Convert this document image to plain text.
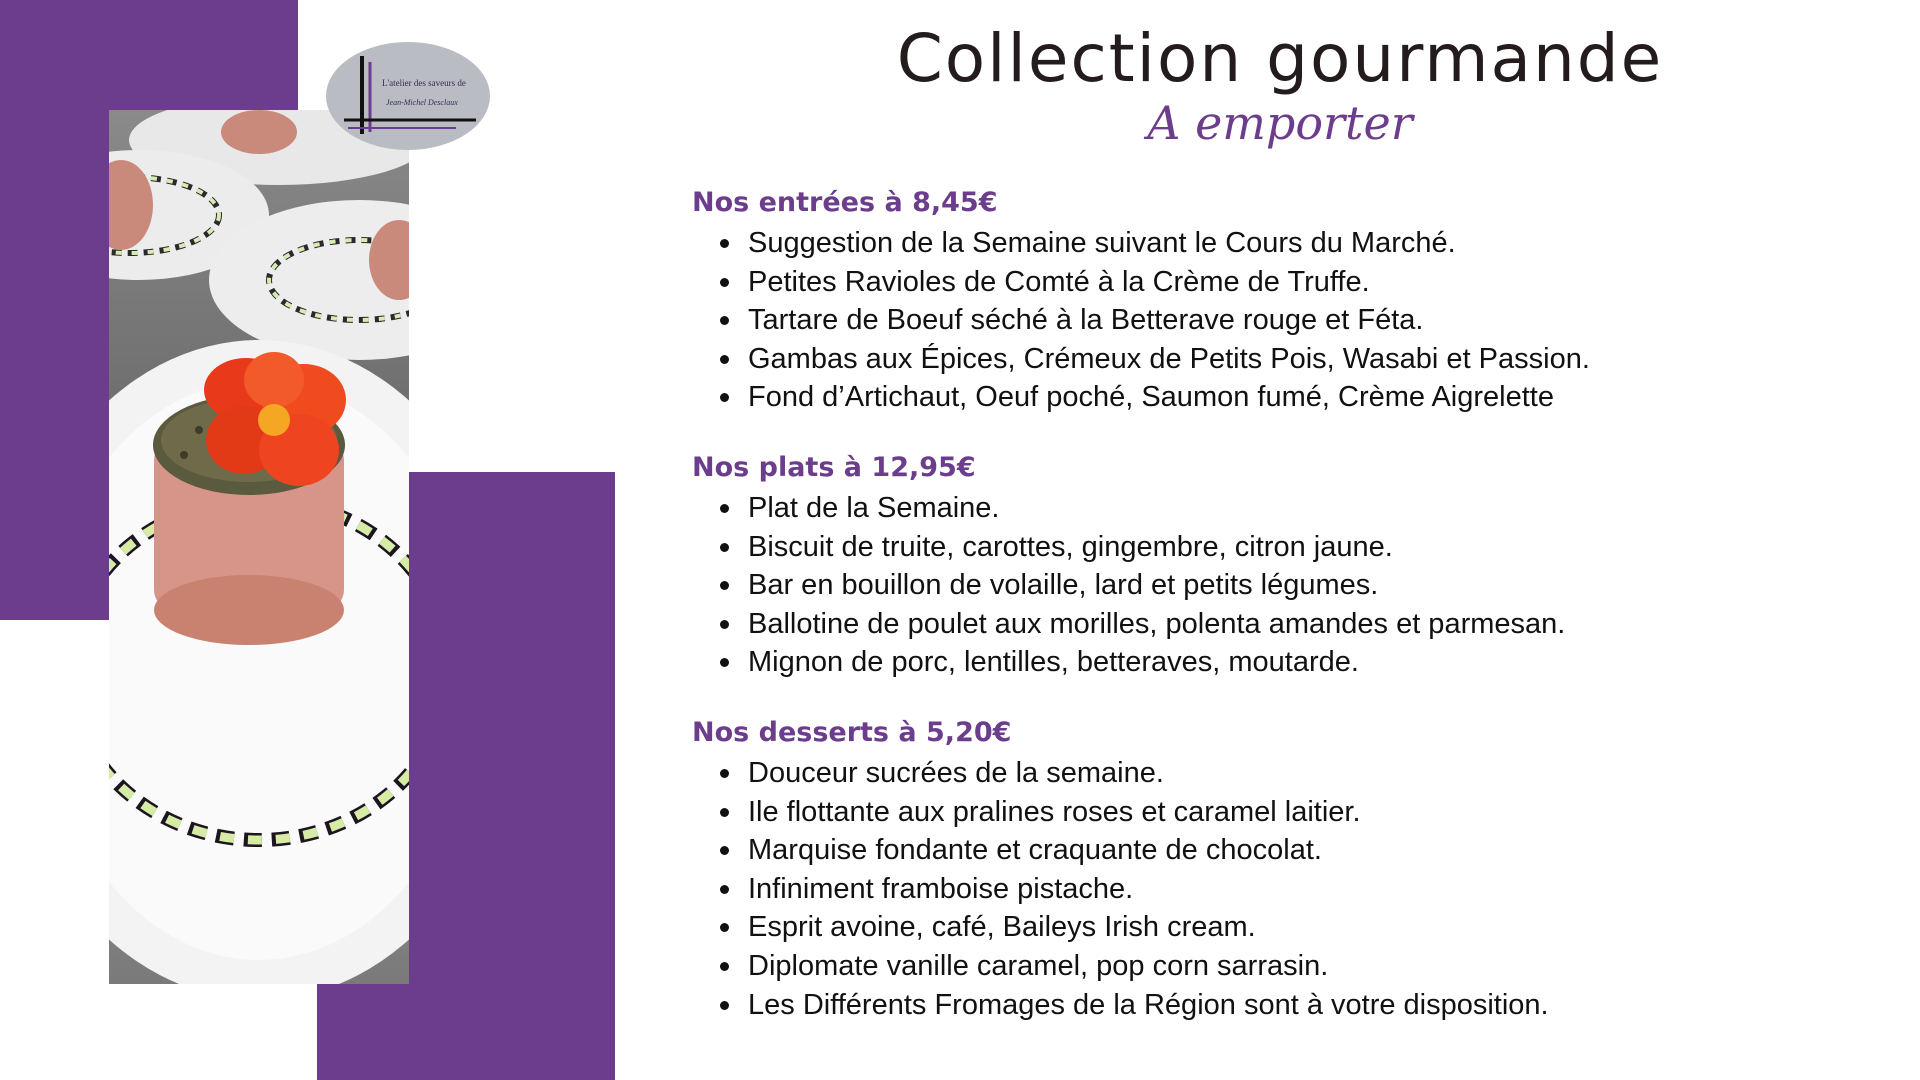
L'atelier des saveurs de
Jean-Michel Desclaux
Collection gourmande
A emporter
Nos entrées à 8,45€
Suggestion de la Semaine suivant le Cours du Marché.
Petites Ravioles de Comté à la Crème de Truffe.
Tartare de Boeuf séché à la Betterave rouge et Féta.
Gambas aux Épices, Crémeux de Petits Pois, Wasabi et Passion.
Fond d’Artichaut, Oeuf poché, Saumon fumé, Crème Aigrelette
Nos plats à 12,95€
Plat de la Semaine.
Biscuit de truite, carottes, gingembre, citron jaune.
Bar en bouillon de volaille, lard et petits légumes.
Ballotine de poulet aux morilles, polenta amandes et parmesan.
Mignon de porc, lentilles, betteraves, moutarde.
Nos desserts à 5,20€
Douceur sucrées de la semaine.
Ile flottante aux pralines roses et caramel laitier.
Marquise fondante et craquante de chocolat.
Infiniment framboise pistache.
Esprit avoine, café, Baileys Irish cream.
Diplomate vanille caramel, pop corn sarrasin.
Les Différents Fromages de la Région sont à votre disposition.
